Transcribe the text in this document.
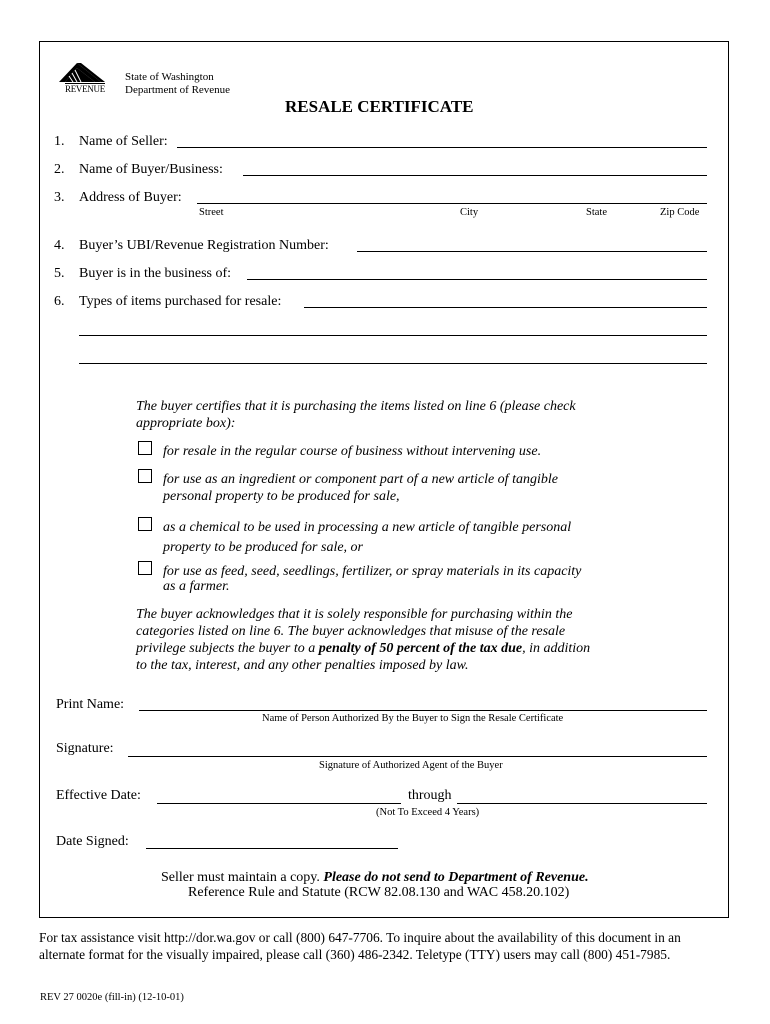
REVENUE
State of Washington
Department of Revenue
RESALE CERTIFICATE
1. Name of Seller:
2. Name of Buyer/Business:
3. Address of Buyer:
Street	City	State	Zip Code
4. Buyer’s UBI/Revenue Registration Number:
5. Buyer is in the business of:
6. Types of items purchased for resale:
The buyer certifies that it is purchasing the items listed on line 6 (please check
appropriate box):
for resale in the regular course of business without intervening use.
for use as an ingredient or component part of a new article of tangible
personal property to be produced for sale,
as a chemical to be used in processing a new article of tangible personal
property to be produced for sale, or
for use as feed, seed, seedlings, fertilizer, or spray materials in its capacity
as a farmer.
The buyer acknowledges that it is solely responsible for purchasing within the
categories listed on line 6. The buyer acknowledges that misuse of the resale
privilege subjects the buyer to a penalty of 50 percent of the tax due, in addition
to the tax, interest, and any other penalties imposed by law.
Print Name:
Name of Person Authorized By the Buyer to Sign the Resale Certificate
Signature:
Signature of Authorized Agent of the Buyer
Effective Date:	through
(Not To Exceed 4 Years)
Date Signed:
Seller must maintain a copy. Please do not send to Department of Revenue.
Reference Rule and Statute (RCW 82.08.130 and WAC 458.20.102)
For tax assistance visit http://dor.wa.gov or call (800) 647-7706. To inquire about the availability of this document in an
alternate format for the visually impaired, please call (360) 486-2342. Teletype (TTY) users may call (800) 451-7985.
REV 27 0020e (fill-in) (12-10-01)
